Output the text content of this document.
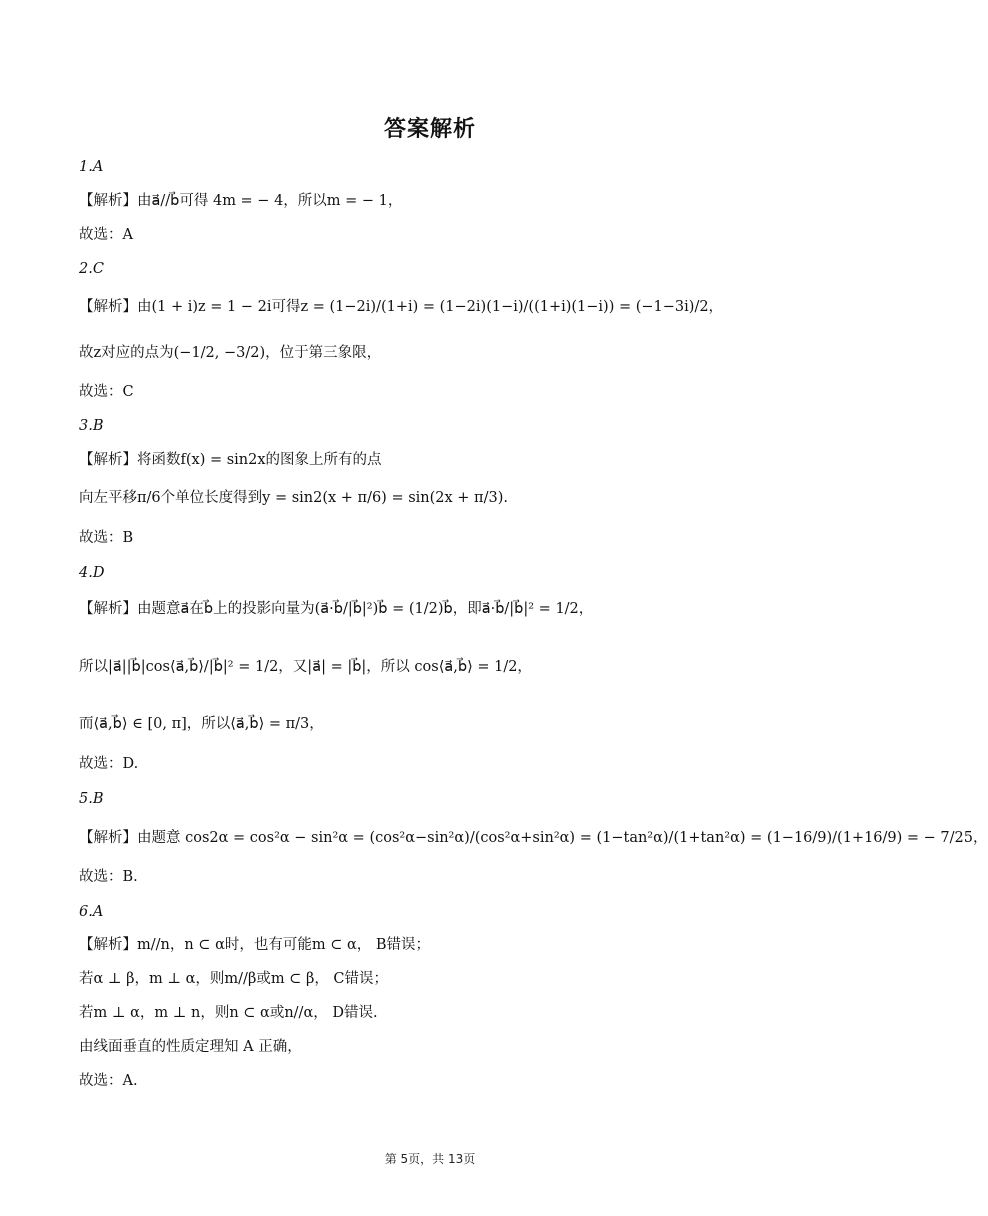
答案解析
1.A
【解析】由a⃗//b⃗可得 4m = − 4，所以m = − 1，
故选：A
2.C
【解析】由(1 + i)z = 1 − 2i可得z = (1−2i)/(1+i) = (1−2i)(1−i)/((1+i)(1−i)) = (−1−3i)/2，
故z对应的点为(−1/2, −3/2)，位于第三象限，
故选：C
3.B
【解析】将函数f(x) = sin2x的图象上所有的点
向左平移π/6个单位长度得到y = sin2(x + π/6) = sin(2x + π/3).
故选：B
4.D
【解析】由题意a⃗在b⃗上的投影向量为(a⃗·b⃗/|b⃗|²)b⃗ = (1/2)b⃗，即a⃗·b⃗/|b⃗|² = 1/2，
所以|a⃗||b⃗|cos⟨a⃗,b⃗⟩/|b⃗|² = 1/2，又|a⃗| = |b⃗|，所以 cos⟨a⃗,b⃗⟩ = 1/2，
而⟨a⃗,b⃗⟩ ∈ [0, π]，所以⟨a⃗,b⃗⟩ = π/3，
故选：D.
5.B
【解析】由题意 cos2α = cos²α − sin²α = (cos²α−sin²α)/(cos²α+sin²α) = (1−tan²α)/(1+tan²α) = (1−16/9)/(1+16/9) = − 7/25，
故选：B.
6.A
【解析】m//n，n ⊂ α时，也有可能m ⊂ α， B错误；
若α ⊥ β，m ⊥ α，则m//β或m ⊂ β， C错误；
若m ⊥ α，m ⊥ n，则n ⊂ α或n//α， D错误.
由线面垂直的性质定理知 A 正确，
故选：A.
第 5页，共 13页
